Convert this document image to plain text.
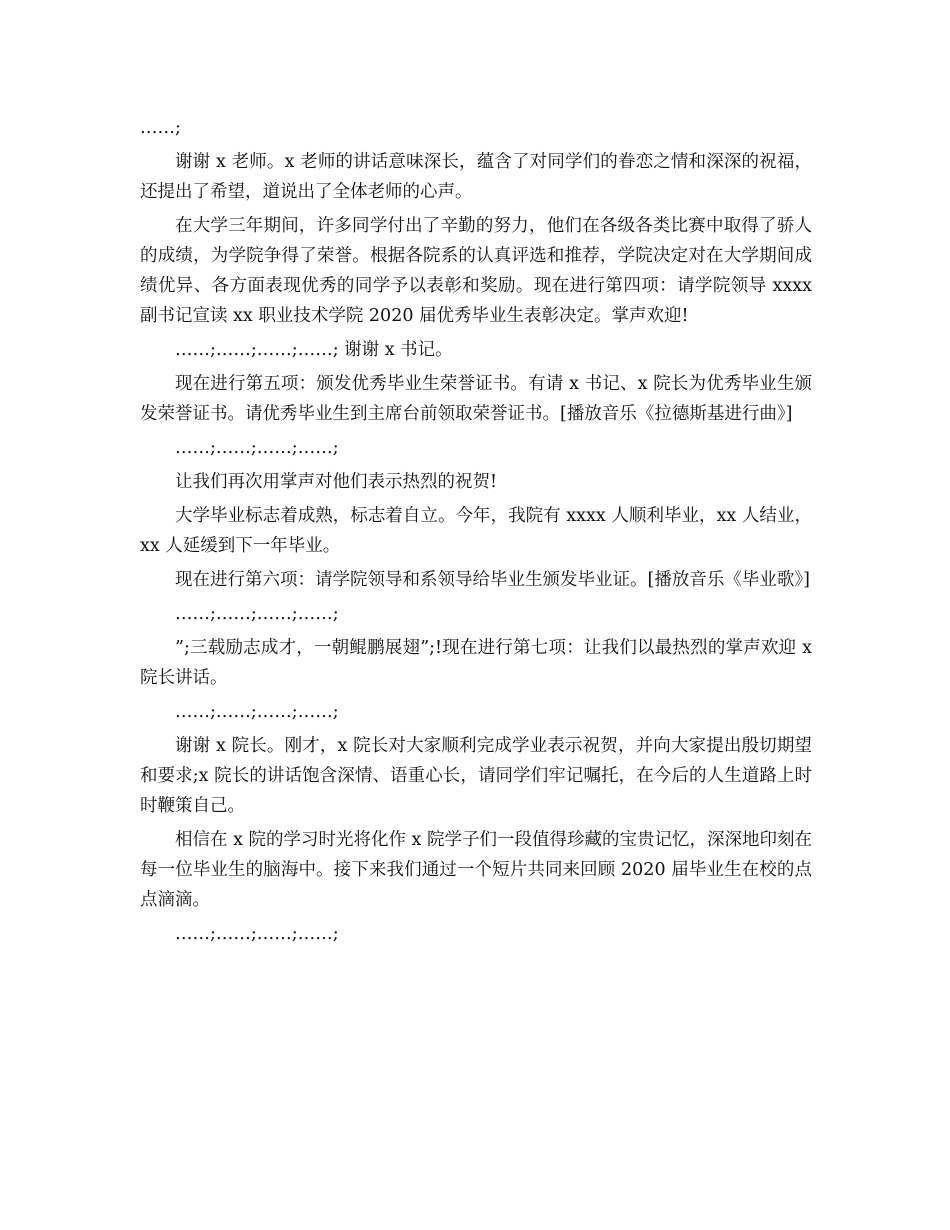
……;

谢谢 x 老师。x 老师的讲话意味深长，蕴含了对同学们的眷恋之情和深深的祝福，还提出了希望，道说出了全体老师的心声。

在大学三年期间，许多同学付出了辛勤的努力，他们在各级各类比赛中取得了骄人的成绩，为学院争得了荣誉。根据各院系的认真评选和推荐，学院决定对在大学期间成绩优异、各方面表现优秀的同学予以表彰和奖励。现在进行第四项：请学院领导 xxxx 副书记宣读 xx 职业技术学院 2020 届优秀毕业生表彰决定。掌声欢迎!

……;……;……;……; 谢谢 x 书记。

现在进行第五项：颁发优秀毕业生荣誉证书。有请 x 书记、x 院长为优秀毕业生颁发荣誉证书。请优秀毕业生到主席台前领取荣誉证书。[播放音乐《拉德斯基进行曲》]

……;……;……;……;

让我们再次用掌声对他们表示热烈的祝贺!

大学毕业标志着成熟，标志着自立。今年，我院有 xxxx 人顺利毕业，xx 人结业，xx 人延缓到下一年毕业。

现在进行第六项：请学院领导和系领导给毕业生颁发毕业证。[播放音乐《毕业歌》]

……;……;……;……;

”;三载励志成才，一朝鲲鹏展翅”;!现在进行第七项：让我们以最热烈的掌声欢迎 x 院长讲话。

……;……;……;……;

谢谢 x 院长。刚才，x 院长对大家顺利完成学业表示祝贺，并向大家提出殷切期望和要求;x 院长的讲话饱含深情、语重心长，请同学们牢记嘱托，在今后的人生道路上时时鞭策自己。

相信在 x 院的学习时光将化作 x 院学子们一段值得珍藏的宝贵记忆，深深地印刻在每一位毕业生的脑海中。接下来我们通过一个短片共同来回顾 2020 届毕业生在校的点点滴滴。

……;……;……;……;
